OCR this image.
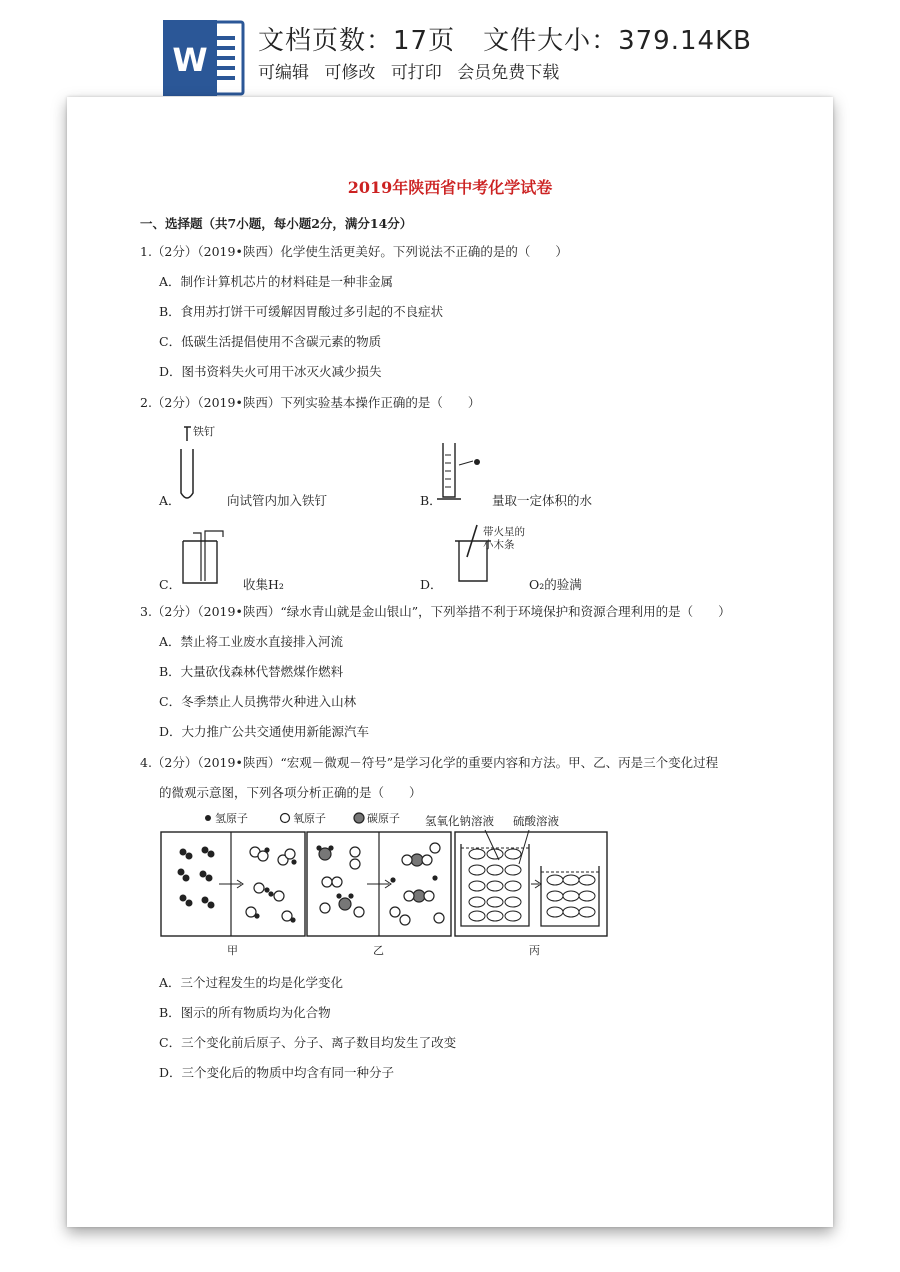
W 文档页数：17页 文件大小：379.14KB
可编辑 可修改 可打印 会员免费下载
2019年陕西省中考化学试卷
一、选择题（共7小题，每小题2分，满分14分）
1.（2分）（2019•陕西）化学使生活更美好。下列说法不正确的是的（　　）
A．制作计算机芯片的材料硅是一种非金属
B．食用苏打饼干可缓解因胃酸过多引起的不良症状
C．低碳生活提倡使用不含碳元素的物质
D．图书资料失火可用干冰灭火减少损失
2.（2分）（2019•陕西）下列实验基本操作正确的是（　　）
铁钉
A．	向试管内加入铁钉	B．	量取一定体积的水
C．	收集H₂
带火星的
小木条
D．	O₂的验满
3.（2分）（2019•陕西）“绿水青山就是金山银山”，下列举措不利于环境保护和资源合理利用的是（　　）
A．禁止将工业废水直接排入河流
B．大量砍伐森林代替燃煤作燃料
C．冬季禁止人员携带火种进入山林
D．大力推广公共交通使用新能源汽车
4.（2分）（2019•陕西）“宏观－微观－符号”是学习化学的重要内容和方法。甲、乙、丙是三个变化过程
的微观示意图，下列各项分析正确的是（　　）
氢原子	氧原子	碳原子 氢氧化钠溶液 硫酸溶液
甲	乙	丙
A．三个过程发生的均是化学变化
B．图示的所有物质均为化合物
C．三个变化前后原子、分子、离子数目均发生了改变
D．三个变化后的物质中均含有同一种分子
